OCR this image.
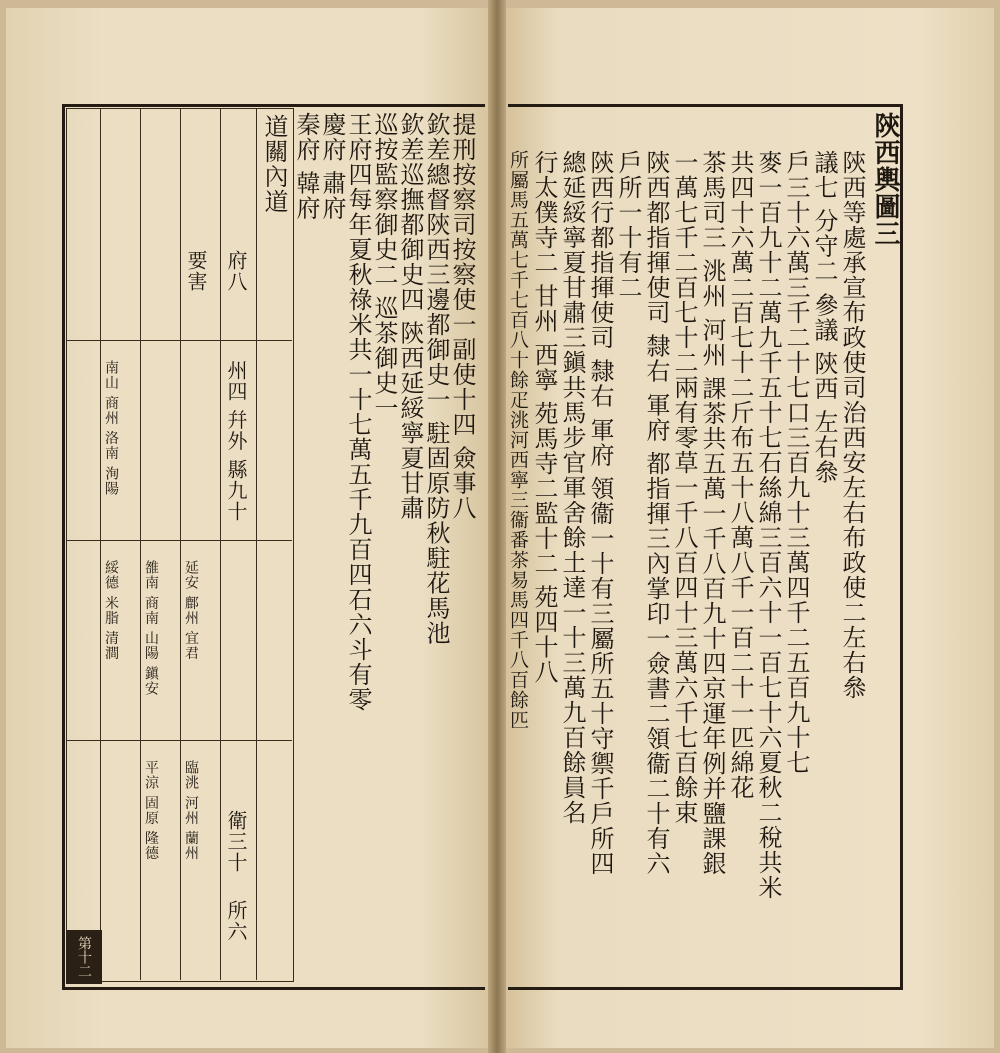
陝西輿圖三
陝西等處承宣布政使司治西安左右布政使二左右叅
議七 分守二 參議 陝西 左右叅
戶三十六萬三千二十七口三百九十三萬四千二五百九十七
麥一百九十二萬九千五十七石絲綿三百六十一百七十六夏秋二稅共米
共四十六萬二百七十二斤布五十八萬八千一百二十一匹綿花
茶馬司三 洮州 河州 課茶共五萬一千八百九十四京運年例并鹽課銀
一萬七千二百七十二兩有零草一千八百四十三萬六千七百餘束
陝西都指揮使司 隸右 軍府 都指揮三內掌印一僉書二領衞二十有六
戶所一十有二
陝西行都指揮使司 隸右 軍府 領衞一十有三屬所五十守禦千戶所四
總延綏寧夏甘肅三鎭共馬步官軍舍餘土達一十三萬九百餘員名
行太僕寺二 甘州 西寧 苑馬寺二監十二 苑四十八
所屬馬五萬七千七百八十餘疋洮河西寧三衞番茶易馬四千八百餘匹
提刑按察司按察使一副使十四 僉事八
欽差總督陝西三邊都御史一 駐固原防秋駐花馬池
欽差巡撫都御史四 陝西延綏寧夏甘肅
巡按監察御史二 巡茶御史一
王府四每年夏秋祿米共一十七萬五千九百四石六斗有零
慶府 肅府
秦府 韓府
道關內道
府八
州四 幷外 縣九十
衛三十
所六
要害
南山 商州 洛南 洵陽
雒南 商南 山陽 鎭安 延安 鄜州 宜君
綏德 米脂 清澗
平涼 固原 隆德 臨洮 河州 蘭州
第十二
